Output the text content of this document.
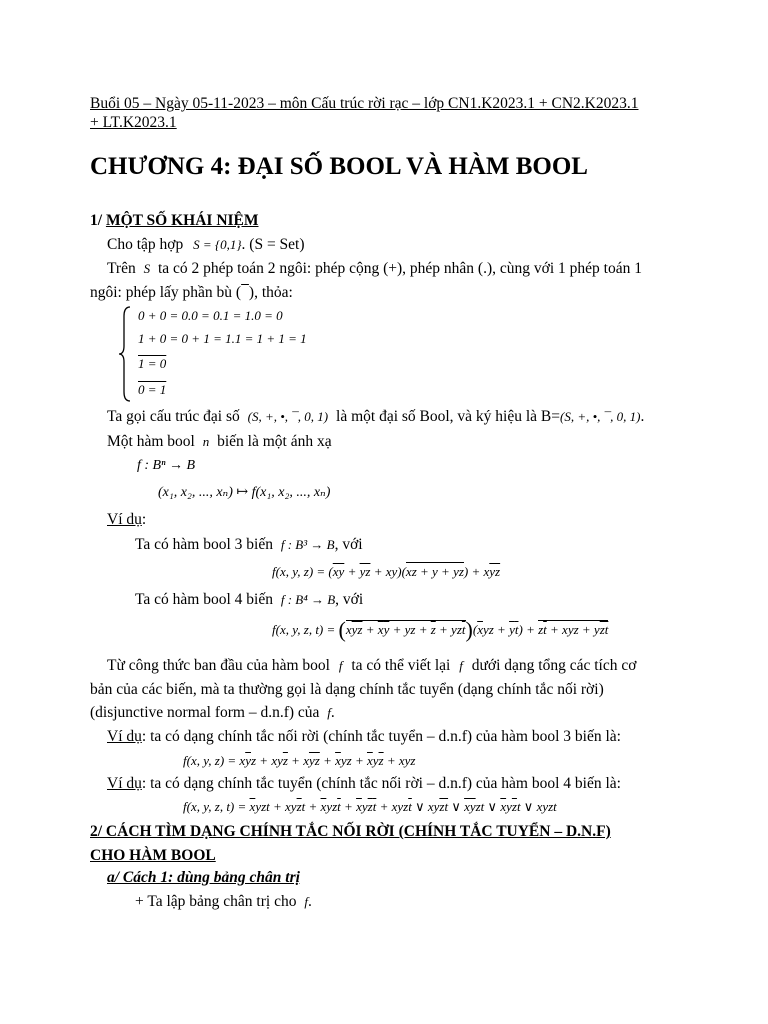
Buổi 05 – Ngày 05-11-2023 – môn Cấu trúc rời rạc – lớp CN1.K2023.1 + CN2.K2023.1
+ LT.K2023.1
CHƯƠNG 4: ĐẠI SỐ BOOL VÀ HÀM BOOL
1/ MỘT SỐ KHÁI NIỆM
Cho tập hợp S = {0,1}. (S = Set)
Trên S ta có 2 phép toán 2 ngôi: phép cộng (+), phép nhân (.), cùng với 1 phép toán 1
ngôi: phép lấy phần bù (    ), thỏa:
0 + 0 = 0.0 = 0.1 = 1.0 = 0
1 + 0 = 0 + 1 = 1.1 = 1 + 1 = 1
1 = 0
0 = 1
Ta gọi cấu trúc đại số (S, +, •, ¯, 0, 1) là một đại số Bool, và ký hiệu là B=(S, +, •, ¯, 0, 1).
Một hàm bool n biến là một ánh xạ
f : Bⁿ → B
(x₁, x₂, ..., xₙ) ↦ f(x₁, x₂, ..., xₙ)
Ví dụ:
Ta có hàm bool 3 biến f : B³ → B, với
f(x, y, $z) = (\overline{xy} + \overline{yz} + xy)(xz + y + yz) + x\overline{yz}$
Ta có hàm bool 4 biến f : B⁴ → B, với
f(x, y, z, $t) = (x\overline{yz} + \overline{x}\overline{y}$ + yz + $\overline{z} + yz\overline{t})(\overline{x}yz + \overline{y}\overline{t}) + z\overline{t}$ + xyz + $y\overline{zt}$
Từ công thức ban đầu của hàm bool f ta có thể viết lại f dưới dạng tổng các tích cơ
bản của các biến, mà ta thường gọi là dạng chính tắc tuyển (dạng chính tắc nối rời)
(disjunctive normal form – d.n.f) của f.
Ví dụ: ta có dạng chính tắc nối rời (chính tắc tuyển – d.n.f) của hàm bool 3 biến là:
f(x, y, $z) = x\overline{y}z + xy\overline{z} + x\overline{yz} + \overline{x}yz + \overline{x}y\overline{z}$ + xyz
Ví dụ: ta có dạng chính tắc tuyển (chính tắc nối rời – d.n.f) của hàm bool 4 biến là:
f(x, y, z, $t) = \overline{x}yzt + xy\overline{z}t + \overline{x}yz\overline{t} + \overline{x}y\overline{z}\overline{t} + xyz\overline{t}$ ∨ $xy\overline{zt}$ ∨ $\overline{xy}zt$ ∨ $\overline{x}y\overline{z}t$ ∨ xyzt
2/ CÁCH TÌM DẠNG CHÍNH TẮC NỐI RỜI (CHÍNH TẮC TUYỂN – D.N.F)
CHO HÀM BOOL
a/ Cách 1: dùng bảng chân trị
+ Ta lập bảng chân trị cho f.
